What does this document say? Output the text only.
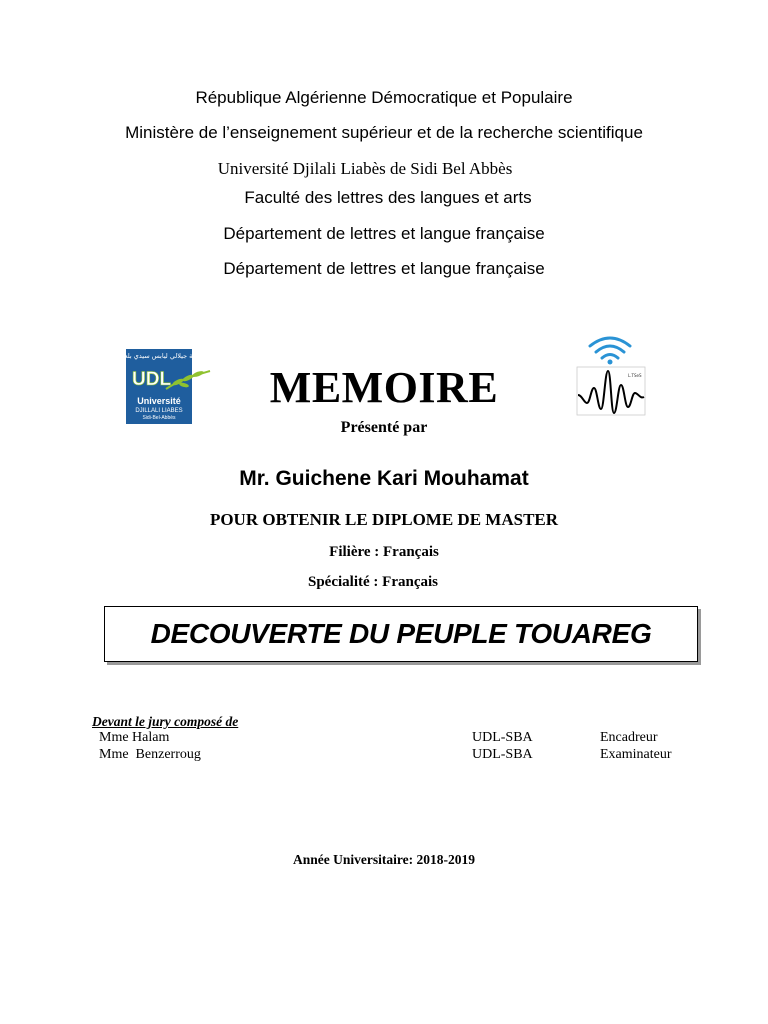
République Algérienne Démocratique et Populaire
Ministère de l’enseignement supérieur et de la recherche scientifique
Université Djilali Liabès de Sidi Bel Abbès
Faculté des lettres des langues et arts
Département de lettres et langue française
Département de lettres et langue française
جامعة جيلالي ليابس سيدي بلعباس
UDL
Université
DJILLALI LIABES
Sidi-Bel-Abbès
L.TSeS
MEMOIRE
Présenté par
Mr. Guichene Kari Mouhamat
POUR OBTENIR LE DIPLOME DE MASTER
Filière : Français
Spécialité : Français
DECOUVERTE DU PEUPLE TOUAREG
Devant le jury composé de
Mme Halam	UDL-SBA	Encadreur
Mme  Benzerroug	UDL-SBA	Examinateur
Année Universitaire: 2018-2019
